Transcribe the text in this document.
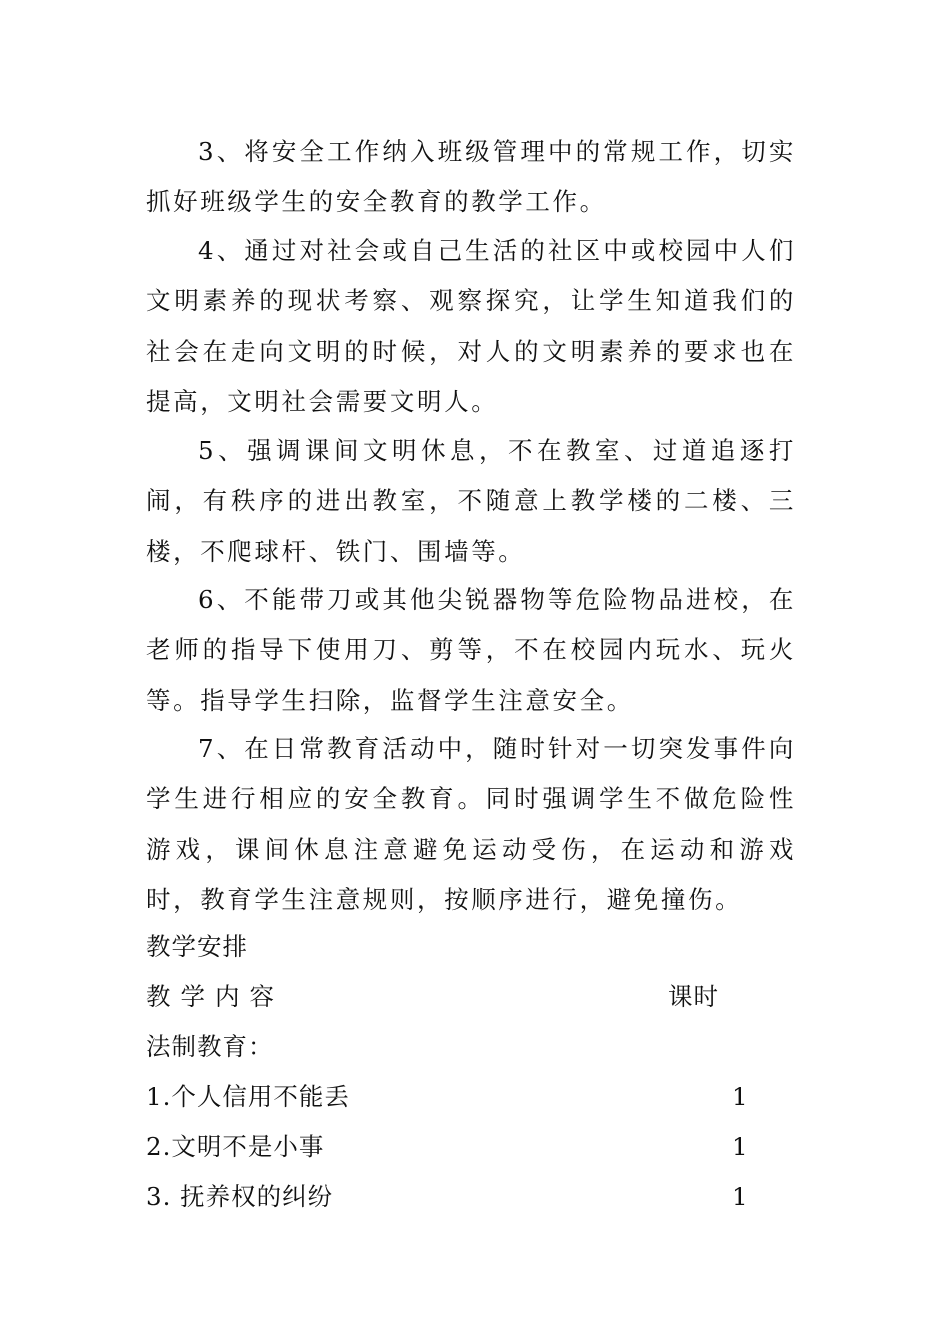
3、将安全工作纳入班级管理中的常规工作，切实抓好班级学生的安全教育的教学工作。

4、通过对社会或自己生活的社区中或校园中人们文明素养的现状考察、观察探究，让学生知道我们的社会在走向文明的时候，对人的文明素养的要求也在提高，文明社会需要文明人。

5、强调课间文明休息，不在教室、过道追逐打闹，有秩序的进出教室，不随意上教学楼的二楼、三楼，不爬球杆、铁门、围墙等。

6、不能带刀或其他尖锐器物等危险物品进校，在老师的指导下使用刀、剪等，不在校园内玩水、玩火等。指导学生扫除，监督学生注意安全。

7、在日常教育活动中，随时针对一切突发事件向学生进行相应的安全教育。同时强调学生不做危险性游戏，课间休息注意避免运动受伤，在运动和游戏时，教育学生注意规则，按顺序进行，避免撞伤。

教学安排
教学内容	课时
法制教育：
1.个人信用不能丢	1
2.文明不是小事	1
3. 抚养权的纠纷	1
